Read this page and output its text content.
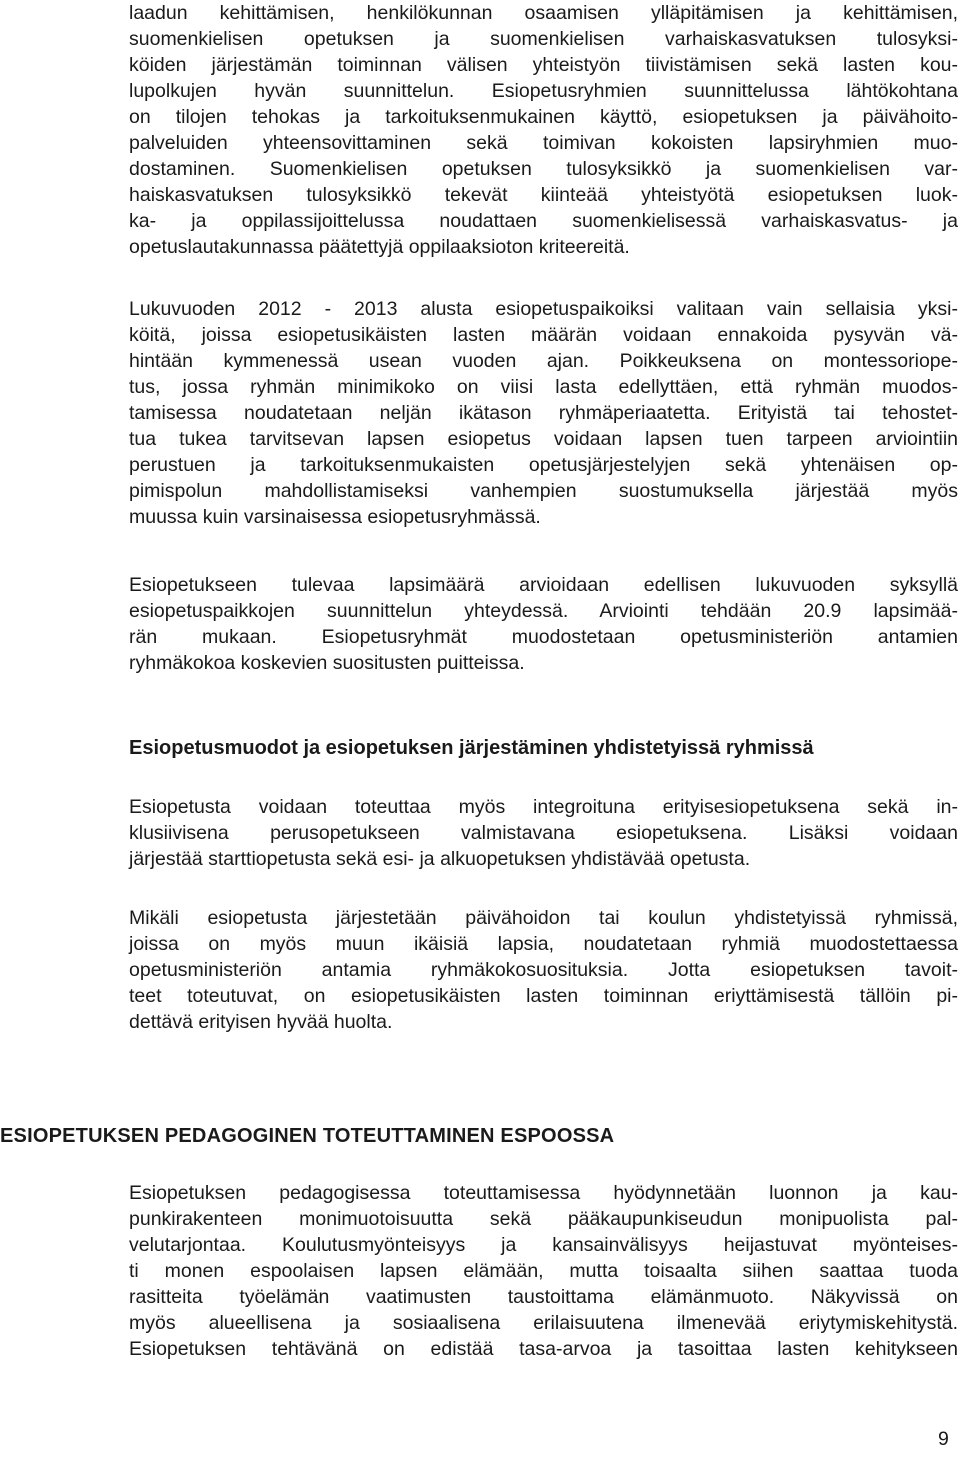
laadun kehittämisen, henkilökunnan osaamisen ylläpitämisen ja kehittämisen,

suomenkielisen opetuksen ja suomenkielisen varhaiskasvatuksen tulosyksi-

köiden järjestämän toiminnan välisen yhteistyön tiivistämisen sekä lasten kou-

lupolkujen hyvän suunnittelun. Esiopetusryhmien suunnittelussa lähtökohtana

on tilojen tehokas ja tarkoituksenmukainen käyttö, esiopetuksen ja päivähoito-

palveluiden yhteensovittaminen sekä toimivan kokoisten lapsiryhmien muo-

dostaminen. Suomenkielisen opetuksen tulosyksikkö ja suomenkielisen var-

haiskasvatuksen tulosyksikkö tekevät kiinteää yhteistyötä esiopetuksen luok-

ka- ja oppilassijoittelussa noudattaen suomenkielisessä varhaiskasvatus- ja

opetuslautakunnassa päätettyjä oppilaaksioton kriteereitä.

Lukuvuoden 2012 - 2013 alusta esiopetuspaikoiksi valitaan vain sellaisia yksi-

köitä, joissa esiopetusikäisten lasten määrän voidaan ennakoida pysyvän vä-

hintään kymmenessä usean vuoden ajan. Poikkeuksena on montessoriope-

tus, jossa ryhmän minimikoko on viisi lasta edellyttäen, että ryhmän muodos-

tamisessa noudatetaan neljän ikätason ryhmäperiaatetta. Erityistä tai tehostet-

tua tukea tarvitsevan lapsen esiopetus voidaan lapsen tuen tarpeen arviointiin

perustuen ja tarkoituksenmukaisten opetusjärjestelyjen sekä yhtenäisen op-

pimispolun mahdollistamiseksi vanhempien suostumuksella järjestää myös

muussa kuin varsinaisessa esiopetusryhmässä.

Esiopetukseen tulevaa lapsimäärä arvioidaan edellisen lukuvuoden syksyllä

esiopetuspaikkojen suunnittelun yhteydessä. Arviointi tehdään 20.9 lapsimää-

rän mukaan. Esiopetusryhmät muodostetaan opetusministeriön antamien

ryhmäkokoa koskevien suositusten puitteissa.

Esiopetusmuodot ja esiopetuksen järjestäminen yhdistetyissä ryhmissä

Esiopetusta voidaan toteuttaa myös integroituna erityisesiopetuksena sekä in-

klusiivisena perusopetukseen valmistavana esiopetuksena. Lisäksi voidaan

järjestää starttiopetusta sekä esi- ja alkuopetuksen yhdistävää opetusta.

Mikäli esiopetusta järjestetään päivähoidon tai koulun yhdistetyissä ryhmissä,

joissa on myös muun ikäisiä lapsia, noudatetaan ryhmiä muodostettaessa

opetusministeriön antamia ryhmäkokosuosituksia. Jotta esiopetuksen tavoit-

teet toteutuvat, on esiopetusikäisten lasten toiminnan eriyttämisestä tällöin pi-

dettävä erityisen hyvää huolta.

ESIOPETUKSEN PEDAGOGINEN TOTEUTTAMINEN ESPOOSSA

Esiopetuksen pedagogisessa toteuttamisessa hyödynnetään luonnon ja kau-

punkirakenteen monimuotoisuutta sekä pääkaupunkiseudun monipuolista pal-

velutarjontaa. Koulutusmyönteisyys ja kansainvälisyys heijastuvat myönteises-

ti monen espoolaisen lapsen elämään, mutta toisaalta siihen saattaa tuoda

rasitteita työelämän vaatimusten taustoittama elämänmuoto. Näkyvissä on

myös alueellisena ja sosiaalisena erilaisuutena ilmenevää eriytymiskehitystä.

Esiopetuksen tehtävänä on edistää tasa-arvoa ja tasoittaa lasten kehitykseen

9
